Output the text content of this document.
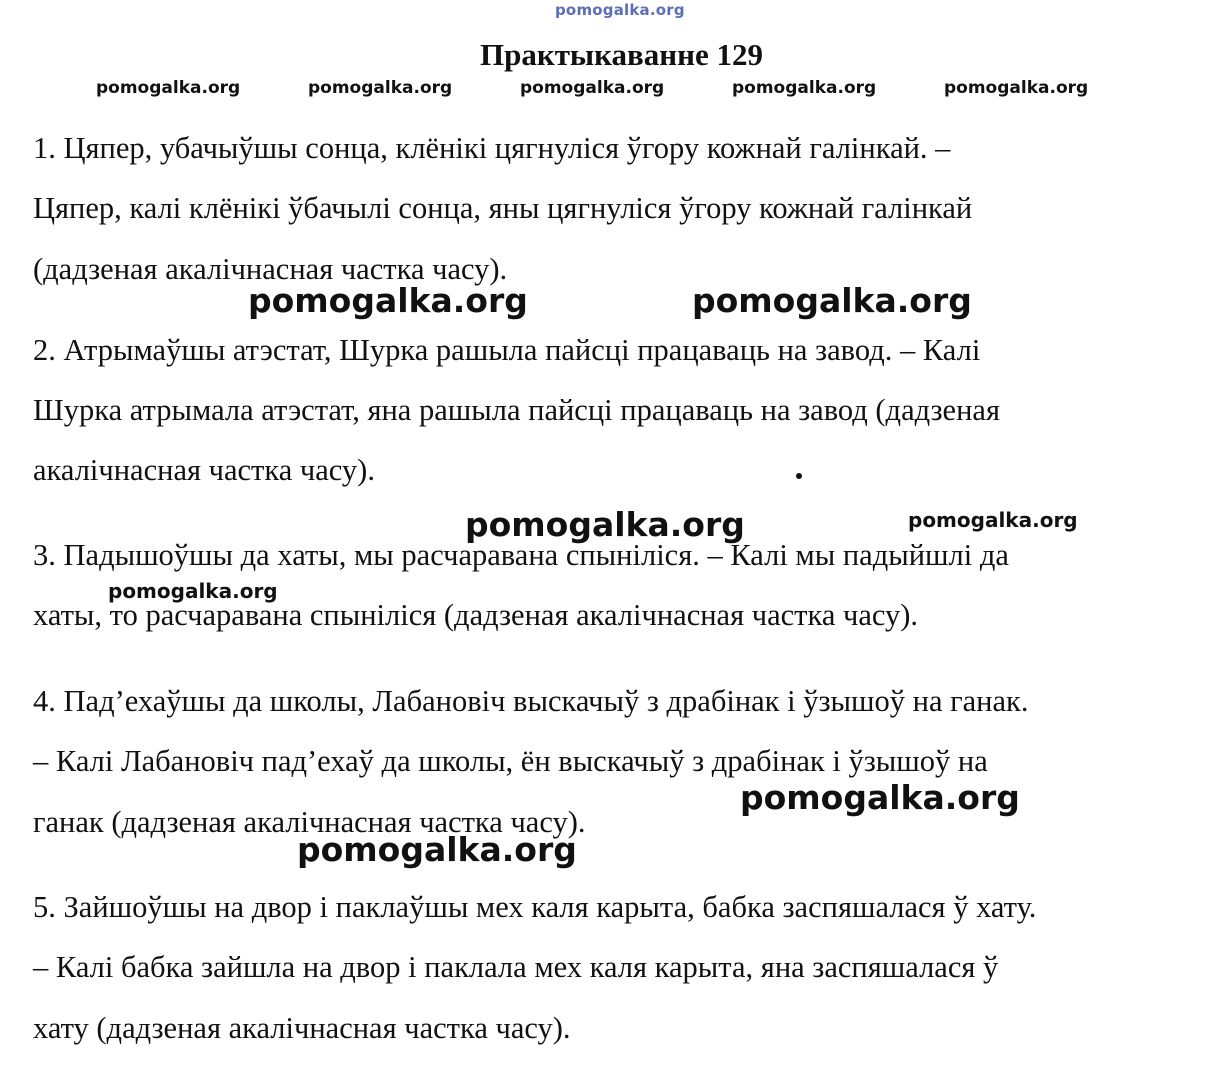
pomogalka.org
Практыкаванне 129
pomogalka.org	pomogalka.org	pomogalka.org	pomogalka.org	pomogalka.org
1. Цяпер, убачыўшы сонца, клёнікі цягнуліся ўгору кожнай галінкай. –
Цяпер, калі клёнікі ўбачылі сонца, яны цягнуліся ўгору кожнай галінкай
(дадзеная акалічнасная частка часу).
2. Атрымаўшы атэстат, Шурка рашыла пайсці працаваць на завод. – Калі
Шурка атрымала атэстат, яна рашыла пайсці працаваць на завод (дадзеная
акалічнасная частка часу).
3. Падышоўшы да хаты, мы расчаравана спыніліся. – Калі мы падыйшлі да
хаты, то расчаравана спыніліся (дадзеная акалічнасная частка часу).
4. Пад’ехаўшы да школы, Лабановіч выскачыў з драбінак і ўзышоў на ганак.
– Калі Лабановіч пад’ехаў да школы, ён выскачыў з драбінак і ўзышоў на
ганак (дадзеная акалічнасная частка часу).
5. Зайшоўшы на двор і паклаўшы мех каля карыта, бабка заспяшалася ў хату.
– Калі бабка зайшла на двор і паклала мех каля карыта, яна заспяшалася ў
хату (дадзеная акалічнасная частка часу).
pomogalka.org	pomogalka.org
pomogalka.org	pomogalka.org
pomogalka.org
pomogalka.org
pomogalka.org
